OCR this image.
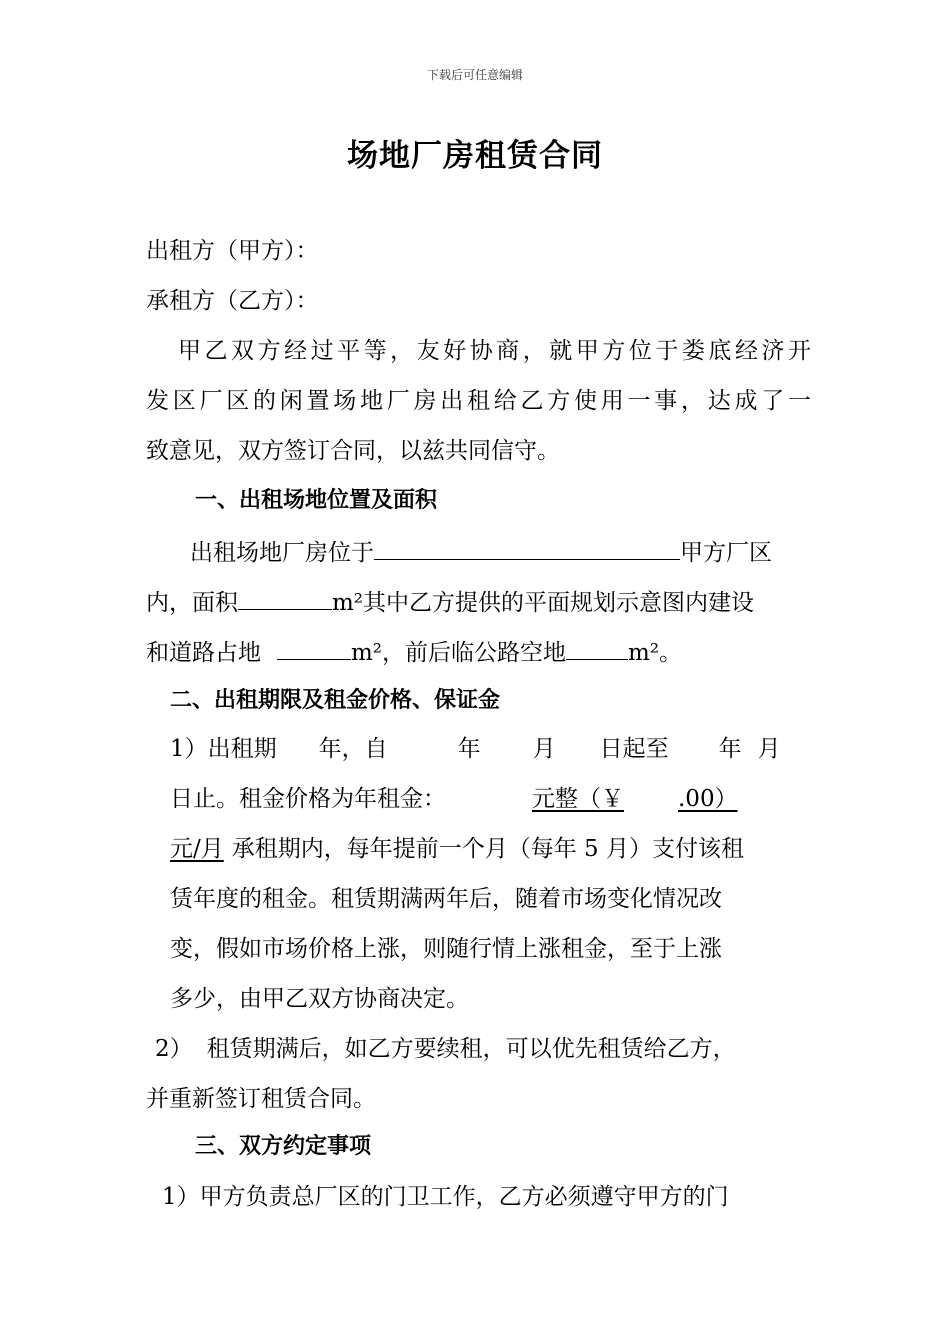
下载后可任意编辑
场地厂房租赁合同
出租方（甲方）：
承租方（乙方）：
甲乙双方经过平等，友好协商，就甲方位于娄底经济开
发区厂区的闲置场地厂房出租给乙方使用一事，达成了一
致意见，双方签订合同，以兹共同信守。
一、出租场地位置及面积
出租场地厂房位于	甲方厂区
内，面积	m²其中乙方提供的平面规划示意图内建设
和道路占地	m²，前后临公路空地	m²。
二、出租期限及租金价格、保证金
1）出租期 年，自	年 月 日起至 年 月
日止。租金价格为年租金：	元整（￥ .00）
元/月 承租期内，每年提前一个月（每年 5 月）支付该租
赁年度的租金。租赁期满两年后，随着市场变化情况改
变，假如市场价格上涨，则随行情上涨租金，至于上涨
多少，由甲乙双方协商决定。
2） 租赁期满后，如乙方要续租，可以优先租赁给乙方，
并重新签订租赁合同。
三、双方约定事项
1）甲方负责总厂区的门卫工作，乙方必须遵守甲方的门
